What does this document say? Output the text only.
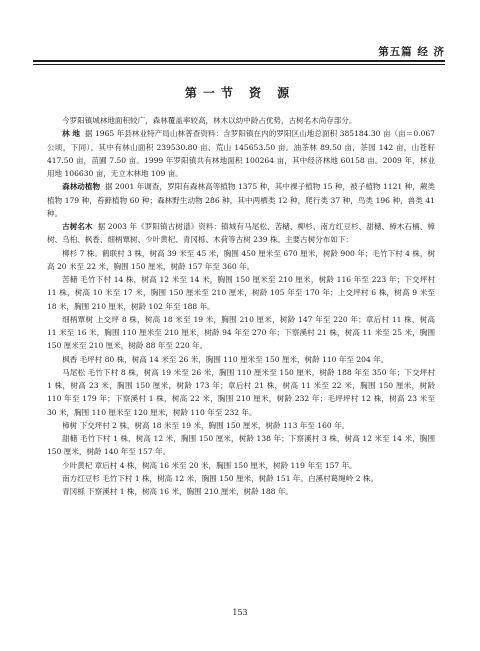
第五篇 经 济
第一节 资 源

今罗阳镇城林地面积较广，森林覆盖率较高，林木以幼中龄占优势，古树名木尚存部分。

林 地 据 1965 年县林业特产局山林普查资料：含罗阳镇在内的罗阳区山地总面积 385184.30 亩（亩＝0.067 公顷，下同），其中有林山面积 239530.80 亩、荒山 145653.50 亩。油茶林 89.50 亩，茶园 142 亩，山苍籽 417.50 亩，苗圃 7.50 亩。1999 年罗阳镇共有林地面积 100264 亩，其中经济林地 60158 亩。2009 年，林业用地 106630 亩，无立木林地 109 亩。

森林动植物 据 2001 年调查，罗阳有森林高等植物 1375 种，其中裸子植物 15 种，被子植物 1121 种，蕨类植物 179 种，苔藓植物 60 种；森林野生动物 286 种，其中两栖类 12 种，爬行类 37 种，鸟类 196 种，兽类 41 种。

古树名木 据 2003 年《罗阳镇古树谱》资料：镇城有马尾松、苦槠、柳杉、南方红豆杉、甜槠、樟木石楠、樟树、乌桕、枫香、细柄覃树、少叶黄杞、青冈栎、木荷等古树 239 株。主要古树分布如下：

柳杉 7 株。鹤联村 3 株，树高 39 米至 45 米，胸围 450 厘米至 670 厘米，树龄 900 年；毛竹下村 4 株，树高 20 米至 22 米，胸围 150 厘米，树龄 157 年至 360 年。

苦槠 毛竹下村 14 株，树高 12 米至 14 米，胸围 150 厘米至 210 厘米，树龄 116 年至 223 年；下交坪村 11 株，树高 10 米至 17 米，胸围 150 厘米至 210 厘米，树龄 105 年至 170 年；上交坪村 6 株，树高 9 米至 18 米，胸围 210 厘米，树龄 102 年至 188 年。

细柄覃树 上交坪 8 株，树高 18 米至 19 米，胸围 210 厘米，树龄 147 年至 220 年；章后村 11 株，树高 11 米至 16 米，胸围 110 厘米至 210 厘米，树龄 94 年至 270 年；下察溪村 21 株，树高 11 米至 25 米，胸围 150 厘米至 210 厘米，树龄 88 年至 220 年。

枫香 毛坪村 80 株，树高 14 米至 26 米，胸围 110 厘米至 150 厘米，树龄 110 年至 204 年。

马尾松 毛竹下村 8 株，树高 19 米至 26 米，胸围 110 厘米至 150 厘米，树龄 188 年至 350 年；下交坪村 1 株，树高 23 米，胸围 150 厘米，树龄 173 年；章后村 21 株，树高 11 米至 22 米，胸围 150 厘米，树龄 110 年至 179 年；下察溪村 1 株，树高 22 米，胸围 210 厘米，树龄 232 年；毛坪坪村 12 株，树高 23 米至 30 米，胸围 110 厘米至 120 厘米，树龄 110 年至 232 年。

樟树 下交坪村 2 株，树高 18 米至 19 米，胸围 150 厘米，树龄 113 年至 160 年。

甜槠 毛竹下村 1 株，树高 12 米，胸围 150 厘米，树龄 138 年；下察溪村 3 株，树高 12 米至 14 米，胸围 150 厘米，树龄 140 年至 157 年。

少叶黄杞 章后村 4 株，树高 16 米至 20 米，胸围 150 厘米，树龄 119 年至 157 年。

南方红豆杉 毛竹下村 1 株，树高 12 米，胸围 150 厘米，树龄 151 年。白溪村葛绳岭 2 株。

青冈栎 下察溪村 1 株，树高 16 米，胸围 210 厘米，树龄 188 年。

153
